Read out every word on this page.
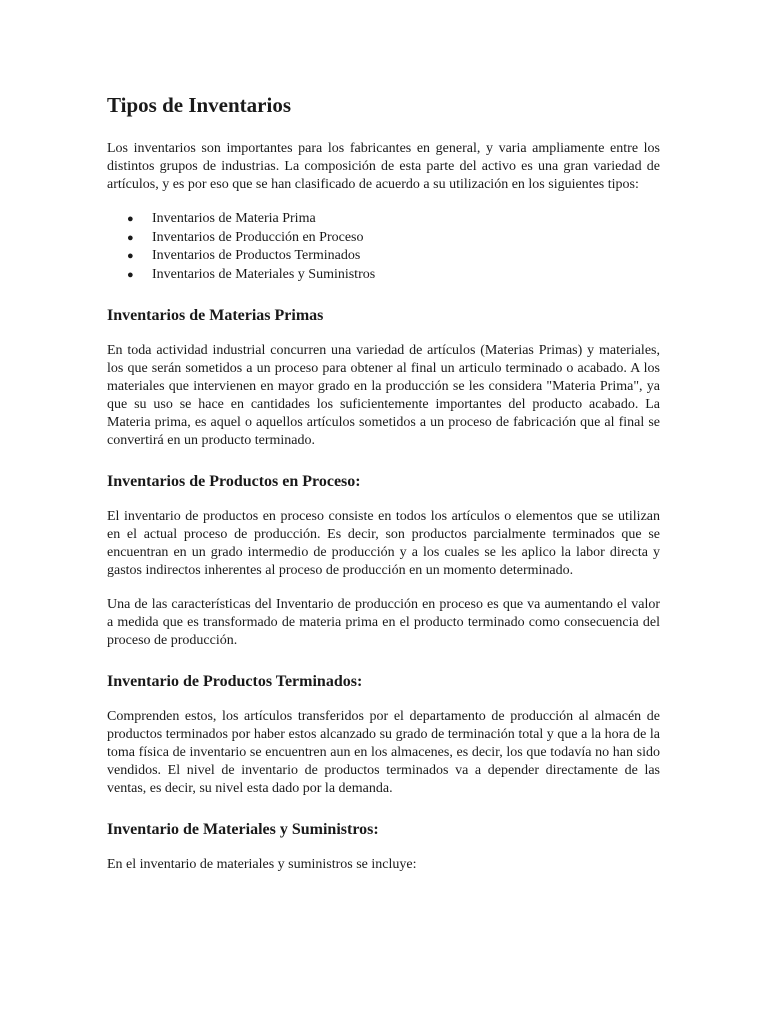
Tipos de Inventarios

Los inventarios son importantes para los fabricantes en general, y varia ampliamente entre los distintos grupos de industrias. La composición de esta parte del activo es una gran variedad de artículos, y es por eso que se han clasificado de acuerdo a su utilización en los siguientes tipos:

● Inventarios de Materia Prima
● Inventarios de Producción en Proceso
● Inventarios de Productos Terminados
● Inventarios de Materiales y Suministros
Inventarios de Materias Primas

En toda actividad industrial concurren una variedad de artículos (Materias Primas) y materiales, los que serán sometidos a un proceso para obtener al final un articulo terminado o acabado. A los materiales que intervienen en mayor grado en la producción se les considera "Materia Prima", ya que su uso se hace en cantidades los suficientemente importantes del producto acabado. La Materia prima, es aquel o aquellos artículos sometidos a un proceso de fabricación que al final se convertirá en un producto terminado.

Inventarios de Productos en Proceso:

El inventario de productos en proceso consiste en todos los artículos o elementos que se utilizan en el actual proceso de producción. Es decir, son productos parcialmente terminados que se encuentran en un grado intermedio de producción y a los cuales se les aplico la labor directa y gastos indirectos inherentes al proceso de producción en un momento determinado.

Una de las características del Inventario de producción en proceso es que va aumentando el valor a medida que es transformado de materia prima en el producto terminado como consecuencia del proceso de producción.

Inventario de Productos Terminados:

Comprenden estos, los artículos transferidos por el departamento de producción al almacén de productos terminados por haber estos alcanzado su grado de terminación total y que a la hora de la toma física de inventario se encuentren aun en los almacenes, es decir, los que todavía no han sido vendidos. El nivel de inventario de productos terminados va a depender directamente de las ventas, es decir, su nivel esta dado por la demanda.

Inventario de Materiales y Suministros:

En el inventario de materiales y suministros se incluye:
